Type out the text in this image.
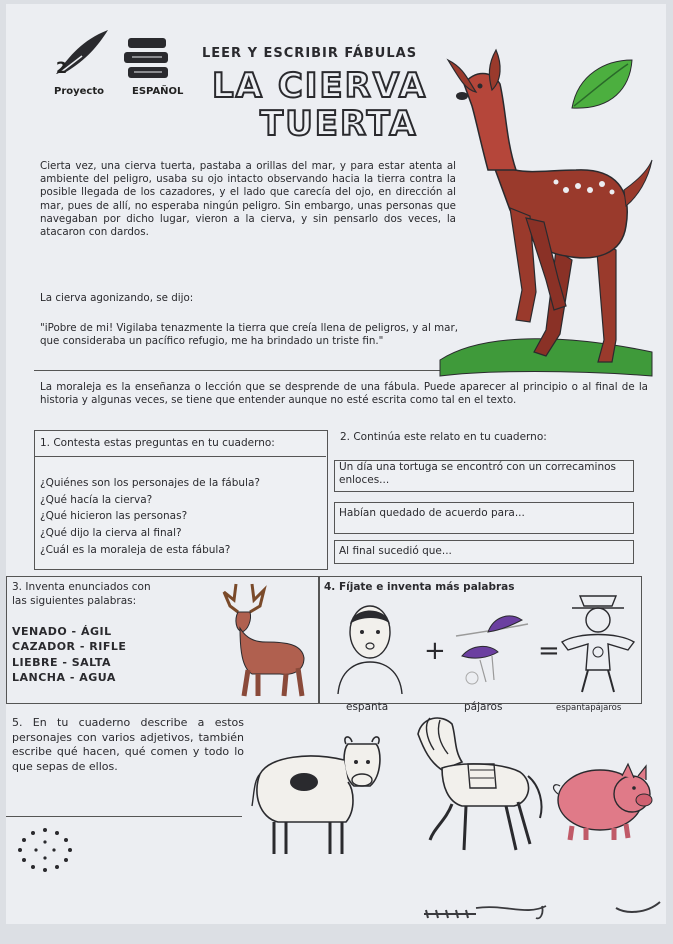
2
Proyecto	ESPAÑOL
LEER Y ESCRIBIR FÁBULAS
LA CIERVA
TUERTA
Cierta vez, una cierva tuerta, pastaba a orillas del mar, y para estar atenta al ambiente del peligro, usaba su ojo intacto observando hacia la tierra contra la posible llegada de los cazadores, y el lado que carecía del ojo, en dirección al mar, pues de allí, no esperaba ningún peligro. Sin embargo, unas personas que navegaban por dicho lugar, vieron a la cierva, y sin pensarlo dos veces, la atacaron con dardos.
La cierva agonizando, se dijo:
"iPobre de mi! Vigilaba tenazmente la tierra que creía llena de peligros, y al mar, que consideraba un pacífico refugio, me ha brindado un triste fin."
La moraleja es la enseñanza o lección que se desprende de una fábula. Puede aparecer al principio o al final de la historia y algunas veces, se tiene que entender aunque no esté escrita como tal en el texto.
1. Contesta estas preguntas en tu cuaderno:
¿Quiénes son los personajes de la fábula?
¿Qué hacía la cierva?
¿Qué hicieron las personas?
¿Qué dijo la cierva al final?
¿Cuál es la moraleja de esta fábula?
2. Continúa este relato en tu cuaderno:
Un día una tortuga se encontró con un correcaminos enloces...
Habían quedado de acuerdo para...
Al final sucedió que...
3. Inventa enunciados con las siguientes palabras:
VENADO - ÁGIL
CAZADOR - RIFLE
LIEBRE - SALTA
LANCHA - AGUA
4. Fíjate e inventa más palabras
+	=
espanta	pájaros	espantapájaros
5. En tu cuaderno describe a estos personajes con varios adjetivos, también escribe qué hacen, qué comen y todo lo que sepas de ellos.
